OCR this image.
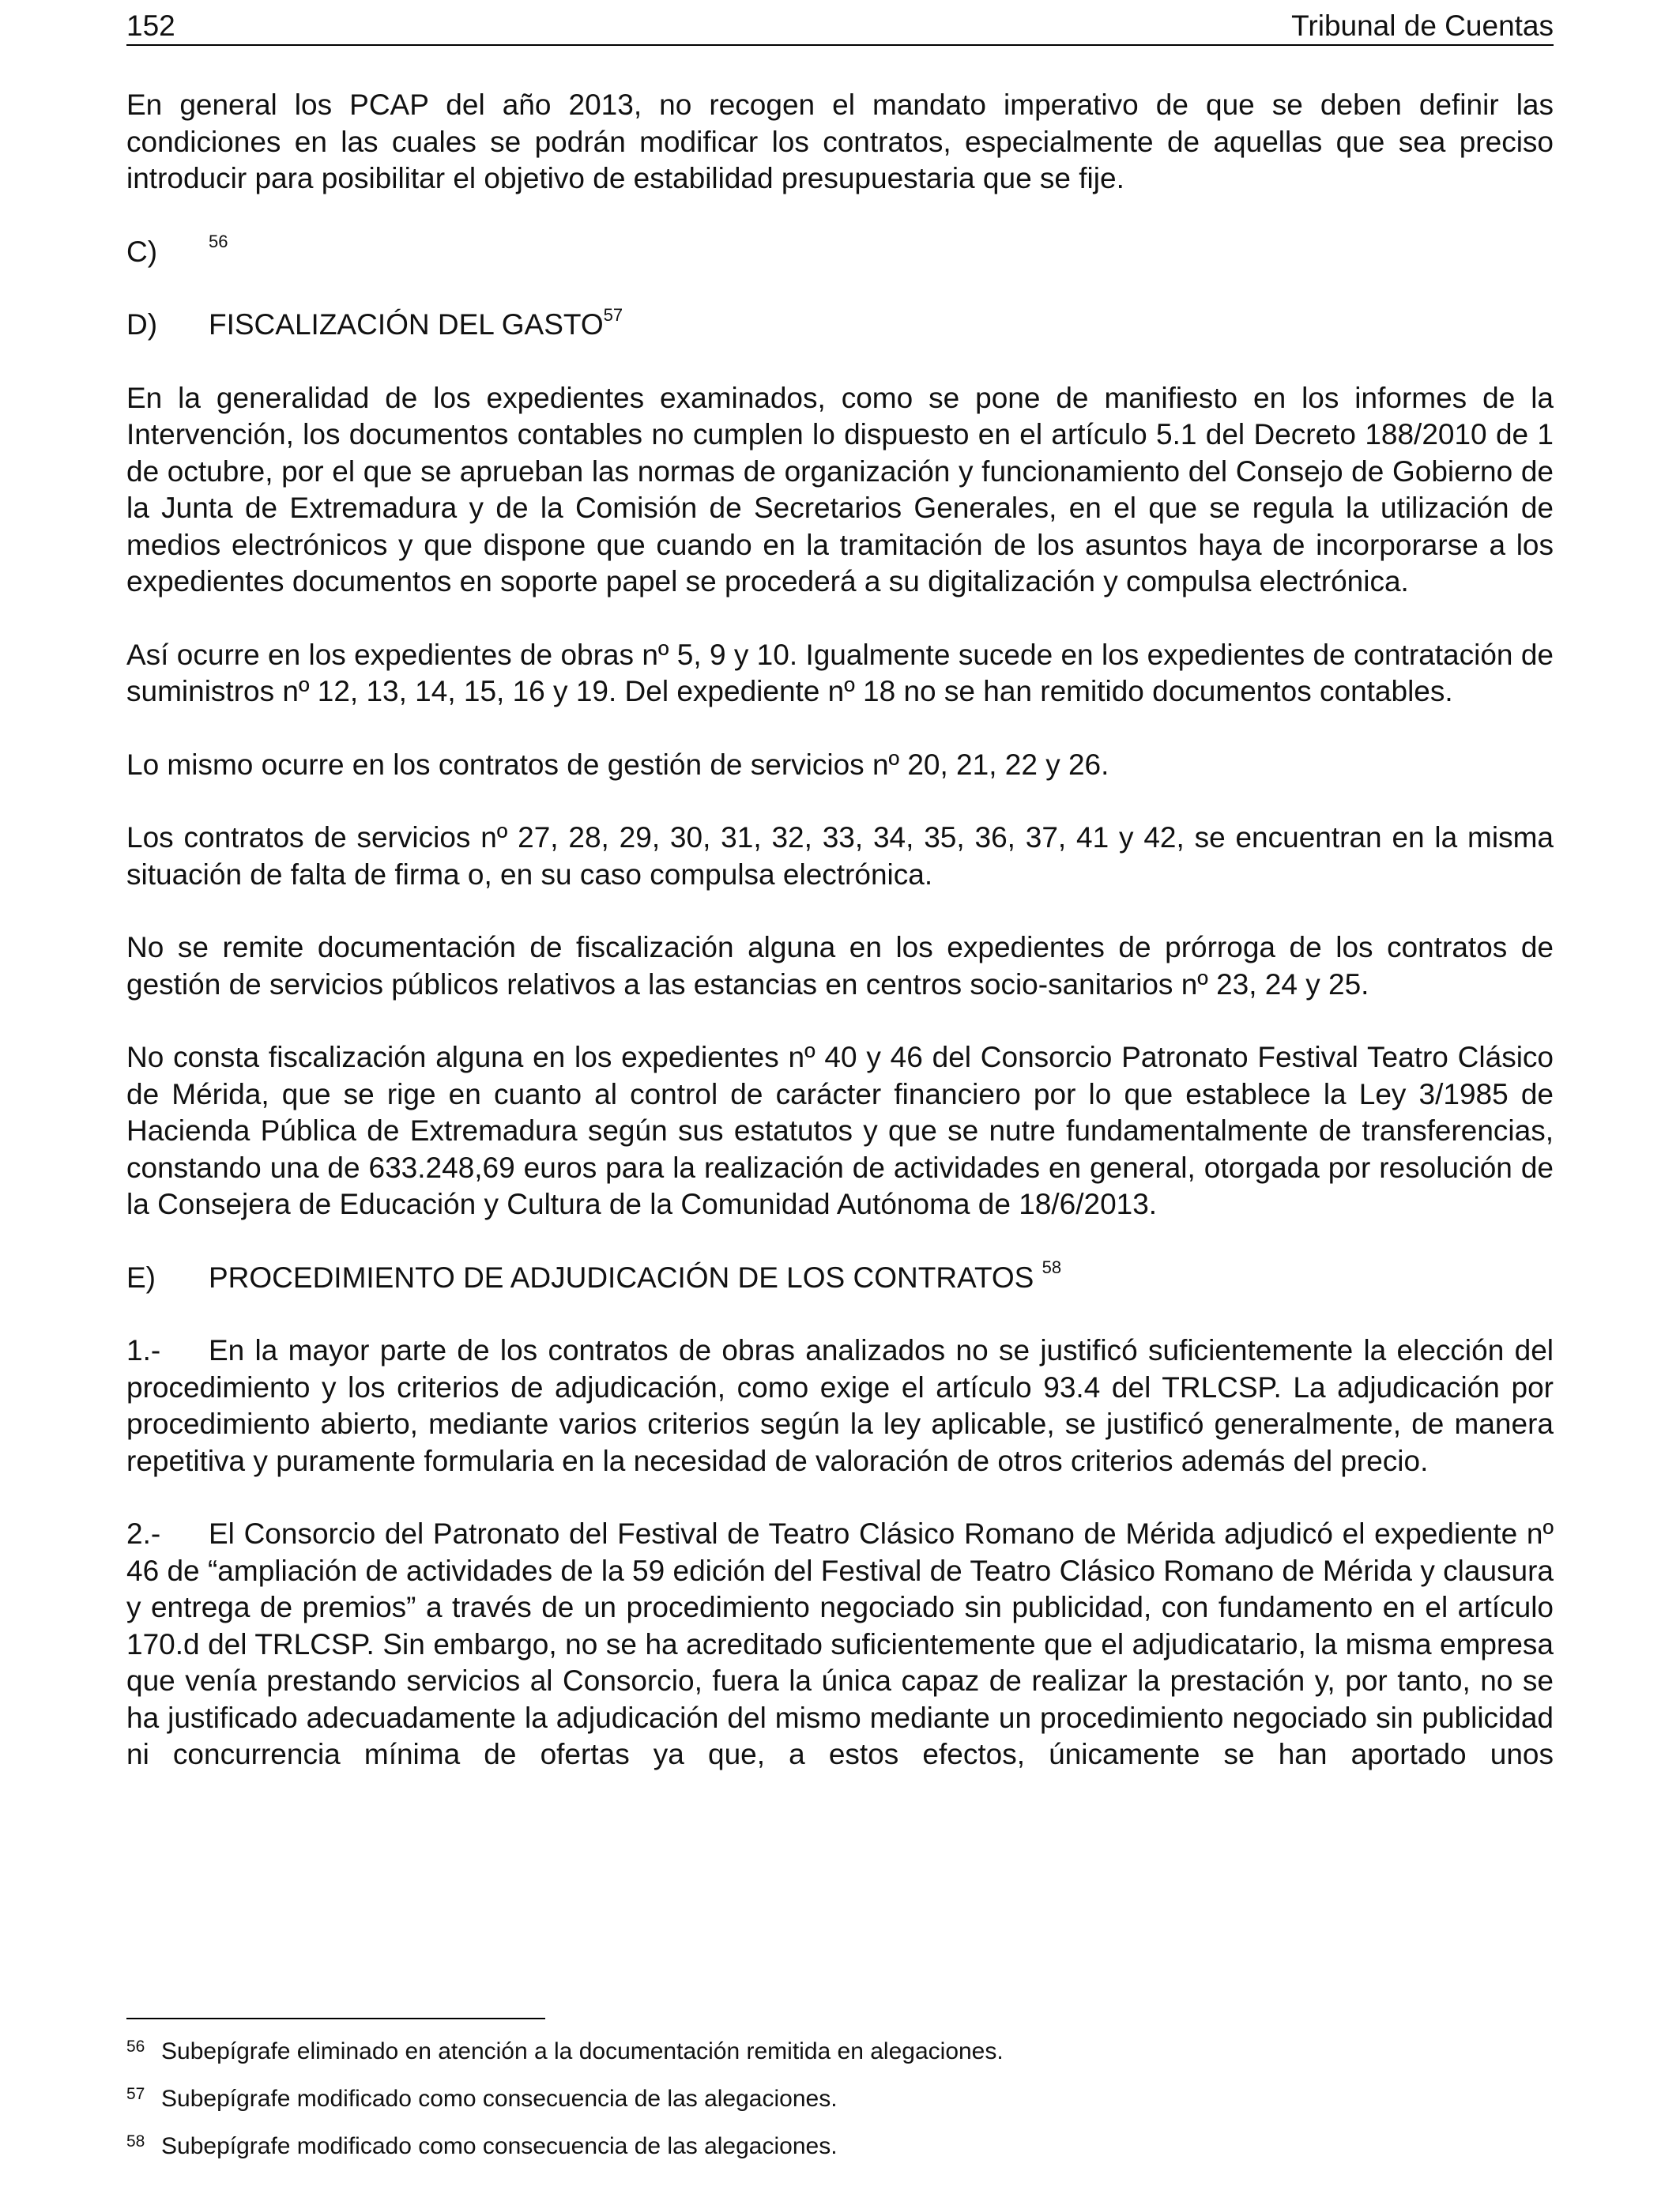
152	Tribunal de Cuentas

En general los PCAP del año 2013, no recogen el mandato imperativo de que se deben definir las condiciones en las cuales se podrán modificar los contratos, especialmente de aquellas que sea preciso introducir para posibilitar el objetivo de estabilidad presupuestaria que se fije.

C)	$^{56}$
D) FISCALIZACIÓN DEL GASTO$^{57}$

En la generalidad de los expedientes examinados, como se pone de manifiesto en los informes de la Intervención, los documentos contables no cumplen lo dispuesto en el artículo 5.1 del Decreto 188/2010 de 1 de octubre, por el que se aprueban las normas de organización y funcionamiento del Consejo de Gobierno de la Junta de Extremadura y de la Comisión de Secretarios Generales, en el que se regula la utilización de medios electrónicos y que dispone que cuando en la tramitación de los asuntos haya de incorporarse a los expedientes documentos en soporte papel se procederá a su digitalización y compulsa electrónica.

Así ocurre en los expedientes de obras nº 5, 9 y 10. Igualmente sucede en los expedientes de contratación de suministros nº 12, 13, 14, 15, 16 y 19. Del expediente nº 18 no se han remitido documentos contables.

Lo mismo ocurre en los contratos de gestión de servicios nº 20, 21, 22 y 26.

Los contratos de servicios nº 27, 28, 29, 30, 31, 32, 33, 34, 35, 36, 37, 41 y 42, se encuentran en la misma situación de falta de firma o, en su caso compulsa electrónica.

No se remite documentación de fiscalización alguna en los expedientes de prórroga de los contratos de gestión de servicios públicos relativos a las estancias en centros socio-sanitarios nº 23, 24 y 25.

No consta fiscalización alguna en los expedientes nº 40 y 46 del Consorcio Patronato Festival Teatro Clásico de Mérida, que se rige en cuanto al control de carácter financiero por lo que establece la Ley 3/1985 de Hacienda Pública de Extremadura según sus estatutos y que se nutre fundamentalmente de transferencias, constando una de 633.248,69 euros para la realización de actividades en general, otorgada por resolución de la Consejera de Educación y Cultura de la Comunidad Autónoma de 18/6/2013.

E) PROCEDIMIENTO DE ADJUDICACIÓN DE LOS CONTRATOS $^{58}$

1.- En la mayor parte de los contratos de obras analizados no se justificó suficientemente la elección del procedimiento y los criterios de adjudicación, como exige el artículo 93.4 del TRLCSP. La adjudicación por procedimiento abierto, mediante varios criterios según la ley aplicable, se justificó generalmente, de manera repetitiva y puramente formularia en la necesidad de valoración de otros criterios además del precio.

2.- El Consorcio del Patronato del Festival de Teatro Clásico Romano de Mérida adjudicó el expediente nº 46 de “ampliación de actividades de la 59 edición del Festival de Teatro Clásico Romano de Mérida y clausura y entrega de premios” a través de un procedimiento negociado sin publicidad, con fundamento en el artículo 170.d del TRLCSP. Sin embargo, no se ha acreditado suficientemente que el adjudicatario, la misma empresa que venía prestando servicios al Consorcio, fuera la única capaz de realizar la prestación y, por tanto, no se ha justificado adecuadamente la adjudicación del mismo mediante un procedimiento negociado sin publicidad ni concurrencia mínima de ofertas ya que, a estos efectos, únicamente se han aportado unos

56 Subepígrafe eliminado en atención a la documentación remitida en alegaciones.
57 Subepígrafe modificado como consecuencia de las alegaciones.
58 Subepígrafe modificado como consecuencia de las alegaciones.
